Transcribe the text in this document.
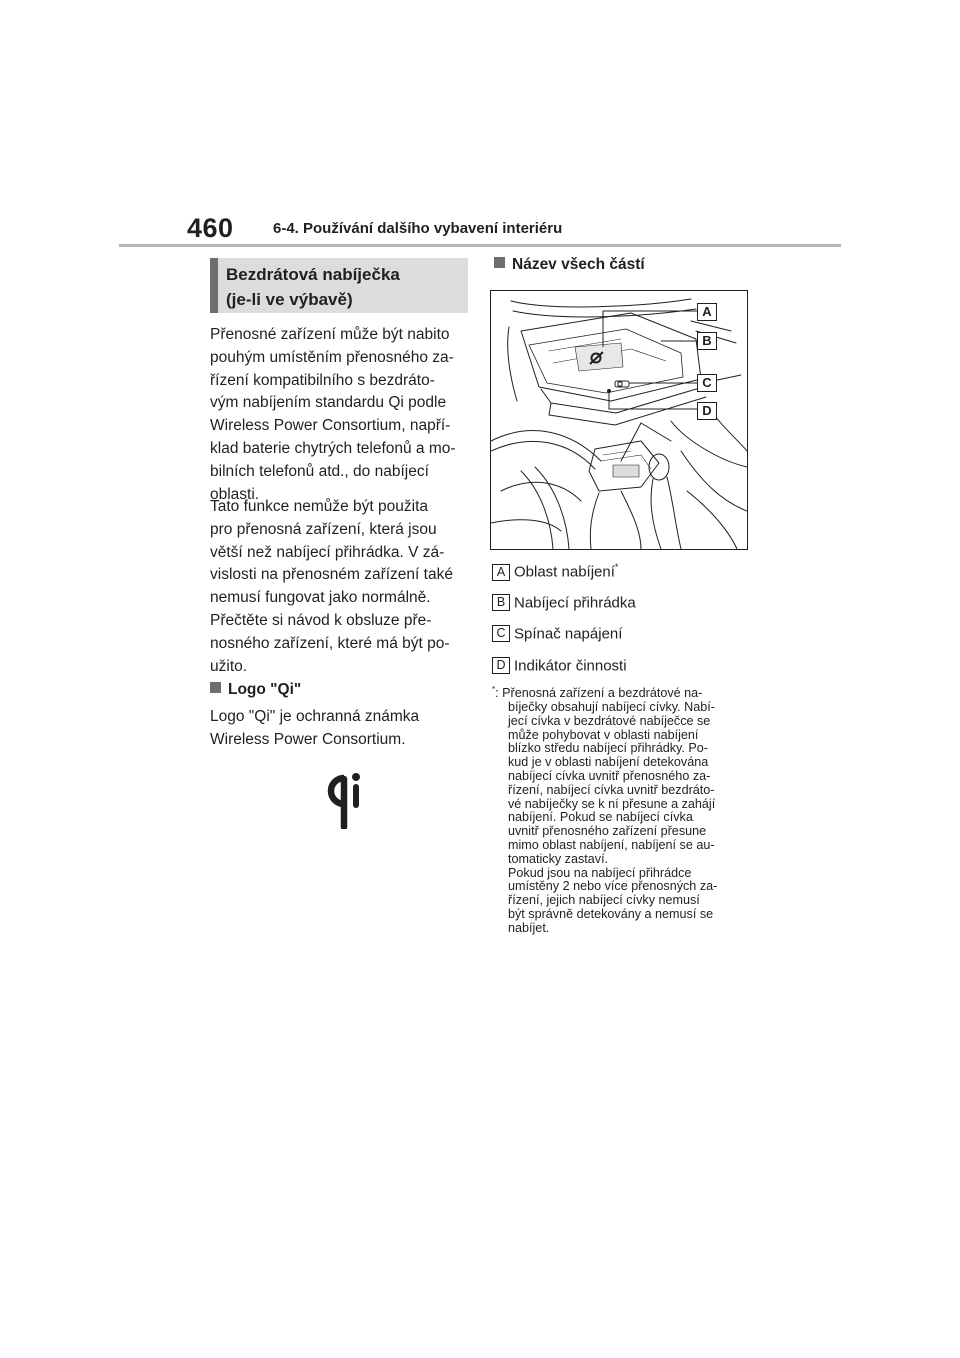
460	6-4. Používání dalšího vybavení interiéru
Bezdrátová nabíječka
(je-li ve výbavě)
Přenosné zařízení může být nabito
pouhým umístěním přenosného za-
řízení kompatibilního s bezdráto-
vým nabíjením standardu Qi podle
Wireless Power Consortium, napří-
klad baterie chytrých telefonů a mo-
bilních telefonů atd., do nabíjecí
oblasti.
Tato funkce nemůže být použita
pro přenosná zařízení, která jsou
větší než nabíjecí přihrádka. V zá-
vislosti na přenosném zařízení také
nemusí fungovat jako normálně.
Přečtěte si návod k obsluze pře-
nosného zařízení, které má být po-
užito.
Logo "Qi"
Logo "Qi" je ochranná známka
Wireless Power Consortium.
Název všech částí
A
B
C
D
A Oblast nabíjení*
B Nabíjecí přihrádka
C Spínač napájení
D Indikátor činnosti
*: Přenosná zařízení a bezdrátové na-
bíječky obsahují nabíjecí cívky. Nabí-
jecí cívka v bezdrátové nabíječce se
může pohybovat v oblasti nabíjení
blízko středu nabíjecí přihrádky. Po-
kud je v oblasti nabíjení detekována
nabíjecí cívka uvnitř přenosného za-
řízení, nabíjecí cívka uvnitř bezdráto-
vé nabíječky se k ní přesune a zahájí
nabíjení. Pokud se nabíjecí cívka
uvnitř přenosného zařízení přesune
mimo oblast nabíjení, nabíjení se au-
tomaticky zastaví.
Pokud jsou na nabíjecí přihrádce
umístěny 2 nebo více přenosných za-
řízení, jejich nabíjecí cívky nemusí
být správně detekovány a nemusí se
nabíjet.
